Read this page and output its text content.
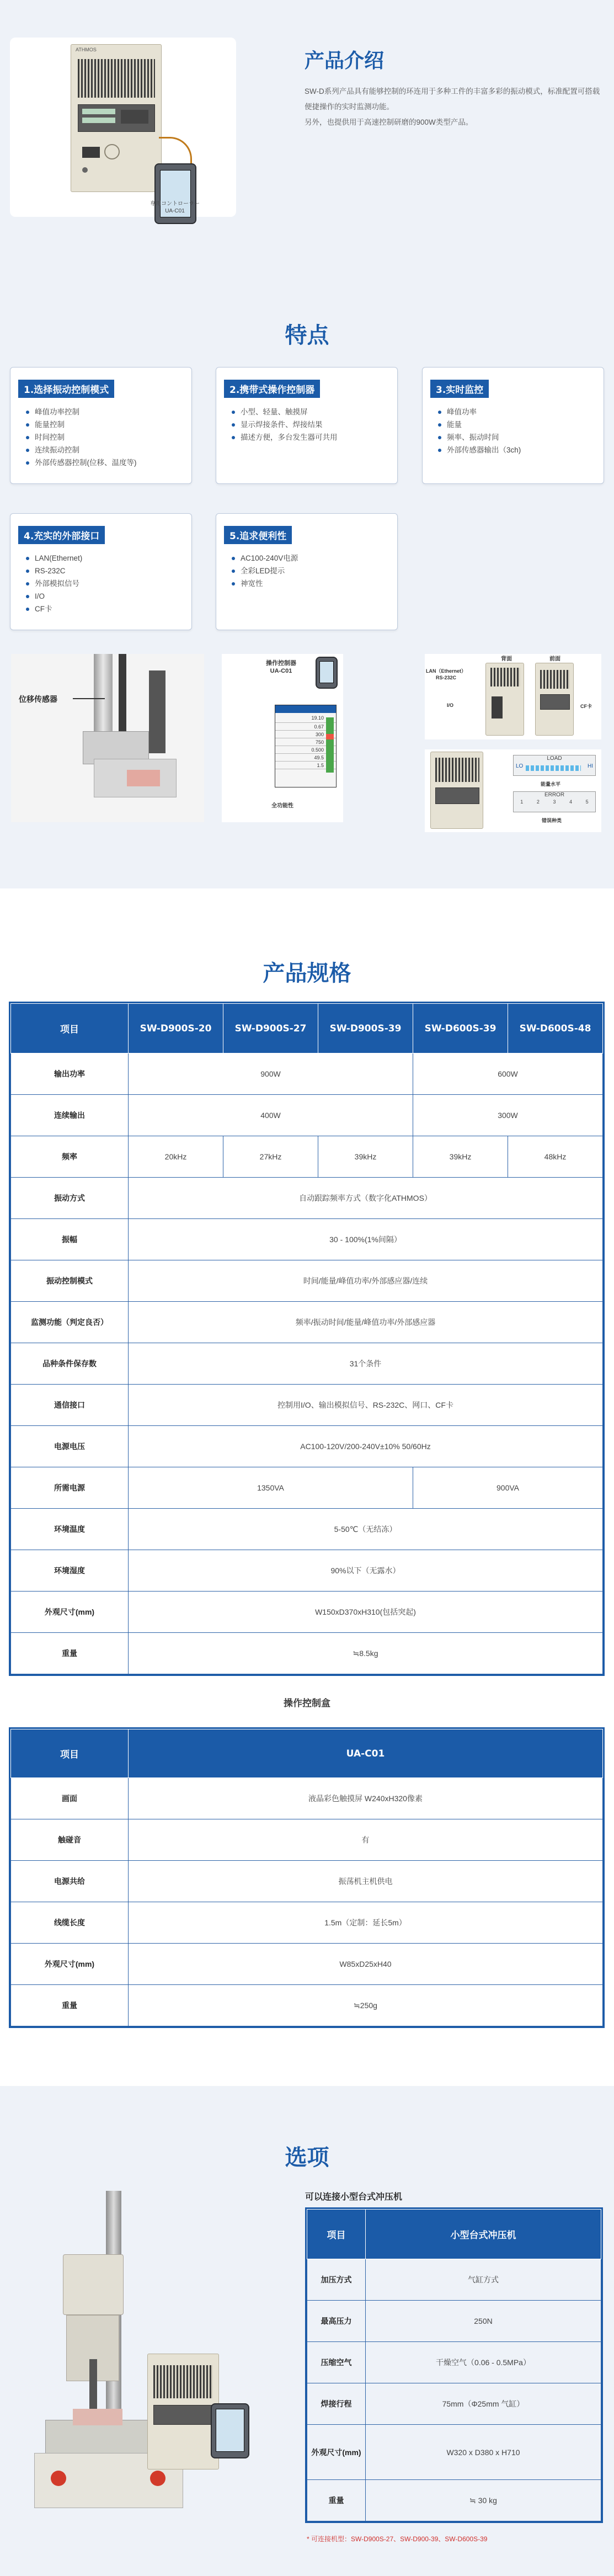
ATHMOS
専用コントローラー
UA-C01
产品介绍

SW-D系列产品具有能够控制的环连用于多种工件的丰富多彩的振动模式，标准配置可搭载便捷操作的实时监测功能。

另外，也提供用于高速控制研磨的900W类型产品。

特点
1.选择振动控制模式
峰值功率控制
能量控制
时间控制
连续振动控制
外部传感器控制(位移、温度等)
2.携带式操作控制器
小型、轻量、触摸屏
显示焊接条件、焊接结果
描述方便，多台发生器可共用
3.实时监控
峰值功率
能量
频率、振动时间
外部传感器输出（3ch)
4.充实的外部接口
LAN(Ethernet)
RS-232C
外部模拟信号
I/O
CF卡
5.追求便利性
AC100-240V电源
全彩LED提示
神宽性
位移传感器
操作控制器
UA-C01
19.10
0.67
300
750
0.500
49.5
1.5
全功能性
背面	前面
LAN（Ethernet）
RS-232C
I/O	CF卡
LOAD
LO	HI
能量水平
ERROR
1	2	3	4	5
错误种类
产品规格
项目	SW-D900S-20	SW-D900S-27	SW-D900S-39	SW-D600S-39	SW-D600S-48
输出功率	900W			600W	
连续输出	400W			300W	
频率	20kHz	27kHz	39kHz	39kHz	48kHz
振动方式	自动跟踪频率方式（数字化ATHMOS）				
振幅	30 - 100%(1%间隔）				
振动控制模式	时间/能量/峰值功率/外部感应器/连续				
监测功能（判定良否）	频率/振动时间/能量/峰值功率/外部感应器				
品种条件保存数	31个条件				
通信接口	控制用I/O、输出模拟信号、RS-232C、网口、CF卡				
电源电压	AC100-120V/200-240V±10% 50/60Hz				
所需电源	1350VA			900VA	
环境温度	5-50℃（无结冻）				
环境湿度	90%以下（无露水）				
外观尺寸(mm)	W150xD370xH310(包括突起)				
重量	≒8.5kg				
操作控制盒
项目	UA-C01
画面	液晶彩色触摸屏 W240xH320像素
触碰音	有
电源共给	振荡机主机供电
线缆长度	1.5m（定制：延长5m）
外观尺寸(mm)	W85xD25xH40
重量	≒250g
选项
可以连接小型台式冲压机
项目	小型台式冲压机
加压方式	气缸方式
最高压力	250N
压缩空气	干燥空气（0.06 - 0.5MPa）
焊接行程	75mm（Φ25mm 气缸）
外观尺寸(mm)	W320 x D380 x H710
重量	≒ 30 kg
* 可连接机型：SW-D900S-27、SW-D900-39、SW-D600S-39
